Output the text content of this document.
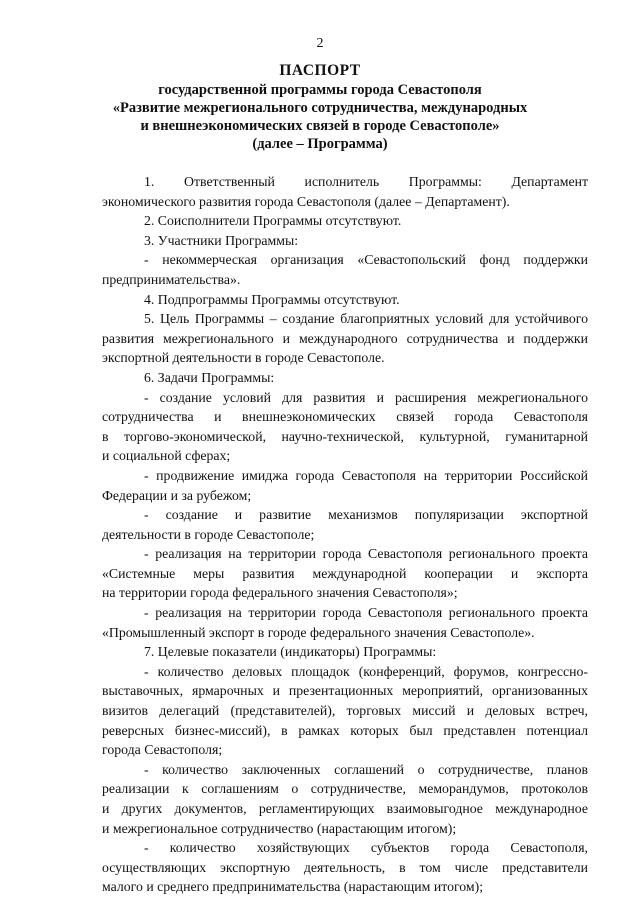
2
ПАСПОРТ
государственной программы города Севастополя
«Развитие межрегионального сотрудничества, международных
и внешнеэкономических связей в городе Севастополе»
(далее – Программа)
1. Ответственный исполнитель Программы: Департамент
экономического развития города Севастополя (далее – Департамент).
2. Соисполнители Программы отсутствуют.
3. Участники Программы:
- некоммерческая организация «Севастопольский фонд поддержки
предпринимательства».
4. Подпрограммы Программы отсутствуют.
5. Цель Программы – создание благоприятных условий для устойчивого
развития межрегионального и международного сотрудничества и поддержки
экспортной деятельности в городе Севастополе.
6. Задачи Программы:
- создание условий для развития и расширения межрегионального
сотрудничества и внешнеэкономических связей города Севастополя
в торгово-экономической, научно-технической, культурной, гуманитарной
и социальной сферах;
- продвижение имиджа города Севастополя на территории Российской
Федерации и за рубежом;
- создание и развитие механизмов популяризации экспортной
деятельности в городе Севастополе;
- реализация на территории города Севастополя регионального проекта
«Системные меры развития международной кооперации и экспорта
на территории города федерального значения Севастополя»;
- реализация на территории города Севастополя регионального проекта
«Промышленный экспорт в городе федерального значения Севастополе».
7. Целевые показатели (индикаторы) Программы:
- количество деловых площадок (конференций, форумов, конгрессно-
выставочных, ярмарочных и презентационных мероприятий, организованных
визитов делегаций (представителей), торговых миссий и деловых встреч,
реверсных бизнес-миссий), в рамках которых был представлен потенциал
города Севастополя;
- количество заключенных соглашений о сотрудничестве, планов
реализации к соглашениям о сотрудничестве, меморандумов, протоколов
и других документов, регламентирующих взаимовыгодное международное
и межрегиональное сотрудничество (нарастающим итогом);
- количество хозяйствующих субъектов города Севастополя,
осуществляющих экспортную деятельность, в том числе представители
малого и среднего предпринимательства (нарастающим итогом);
